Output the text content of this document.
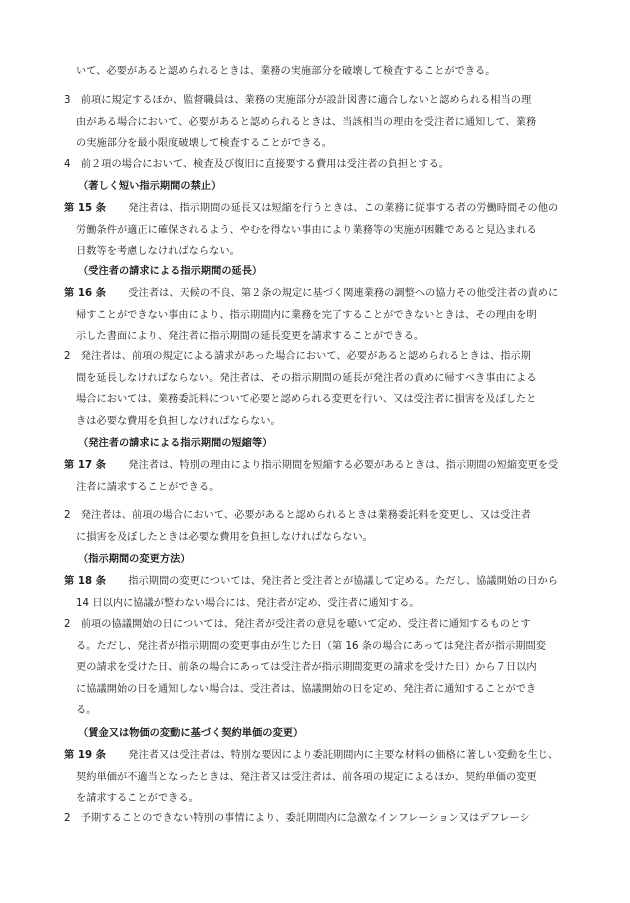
いて、必要があると認められるときは、業務の実施部分を破壊して検査することができる。
3　前項に規定するほか、監督職員は、業務の実施部分が設計図書に適合しないと認められる相当の理
由がある場合において、必要があると認められるときは、当該相当の理由を受注者に通知して、業務
の実施部分を最小限度破壊して検査することができる。
4　前２項の場合において、検査及び復旧に直接要する費用は受注者の負担とする。
（著しく短い指示期間の禁止）
第 15 条 　発注者は、指示期間の延長又は短縮を行うときは、この業務に従事する者の労働時間その他の
労働条件が適正に確保されるよう、やむを得ない事由により業務等の実施が困難であると見込まれる
日数等を考慮しなければならない。
（受注者の請求による指示期間の延長）
第 16 条 　受注者は、天候の不良、第２条の規定に基づく関連業務の調整への協力その他受注者の責めに
帰すことができない事由により、指示期間内に業務を完了することができないときは、その理由を明
示した書面により、発注者に指示期間の延長変更を請求することができる。
2　発注者は、前項の規定による請求があった場合において、必要があると認められるときは、指示期
間を延長しなければならない。発注者は、その指示期間の延長が発注者の責めに帰すべき事由による
場合においては、業務委託料について必要と認められる変更を行い、又は受注者に損害を及ぼしたと
きは必要な費用を負担しなければならない。
（発注者の請求による指示期間の短縮等）
第 17 条 　発注者は、特別の理由により指示期間を短縮する必要があるときは、指示期間の短縮変更を受
注者に請求することができる。
2　発注者は、前項の場合において、必要があると認められるときは業務委託料を変更し、又は受注者
に損害を及ぼしたときは必要な費用を負担しなければならない。
（指示期間の変更方法）
第 18 条 　指示期間の変更については、発注者と受注者とが協議して定める。ただし、協議開始の日から
14 日以内に協議が整わない場合には、発注者が定め、受注者に通知する。
2　前項の協議開始の日については、発注者が受注者の意見を聴いて定め、受注者に通知するものとす
る。ただし、発注者が指示期間の変更事由が生じた日（第 16 条の場合にあっては発注者が指示期間変
更の請求を受けた日、前条の場合にあっては受注者が指示期間変更の請求を受けた日）から７日以内
に協議開始の日を通知しない場合は、受注者は、協議開始の日を定め、発注者に通知することができ
る。
（賃金又は物価の変動に基づく契約単価の変更）
第 19 条 　発注者又は受注者は、特別な要因により委託期間内に主要な材料の価格に著しい変動を生じ、
契約単価が不適当となったときは、発注者又は受注者は、前各項の規定によるほか、契約単価の変更
を請求することができる。
2　予期することのできない特別の事情により、委託期間内に急激なインフレーション又はデフレーシ
